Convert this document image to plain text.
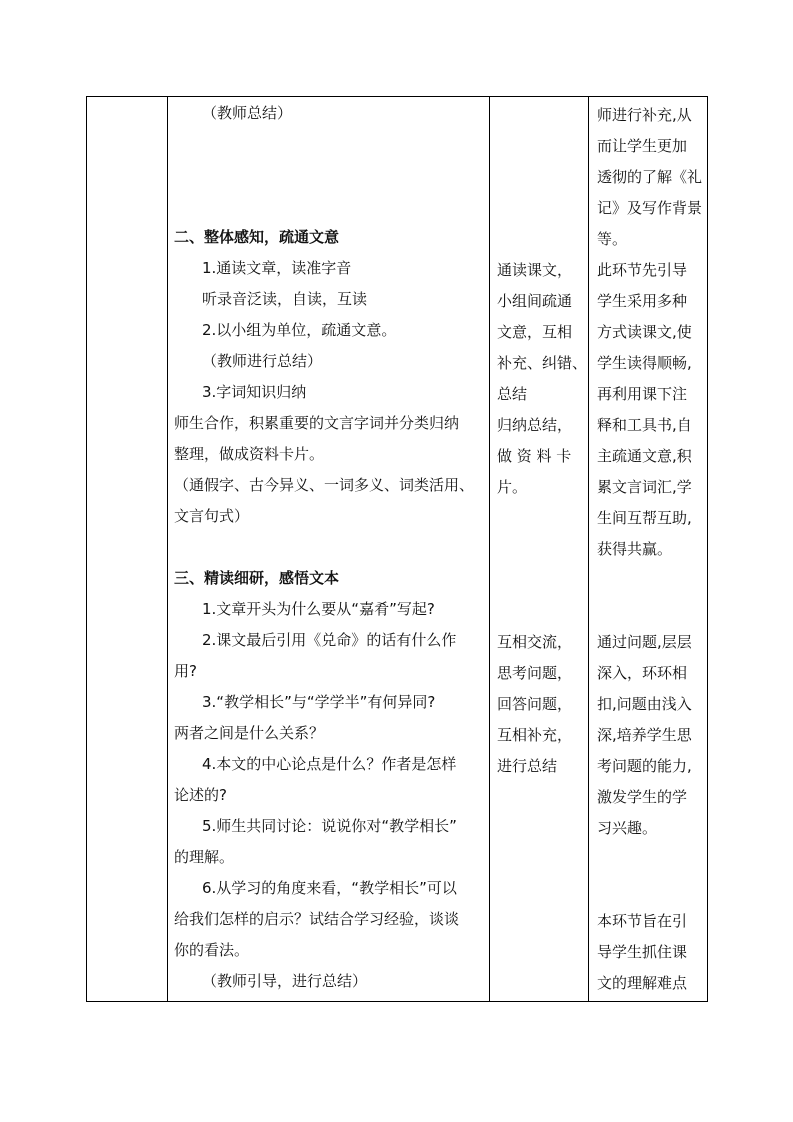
（教师总结）
二、整体感知，疏通文意
1.通读文章，读准字音
听录音泛读，自读，互读
2.以小组为单位，疏通文意。
（教师进行总结）
3.字词知识归纳
师生合作，积累重要的文言字词并分类归纳
整理，做成资料卡片。
（通假字、古今异义、一词多义、词类活用、
文言句式）
三、精读细研，感悟文本
1.文章开头为什么要从“嘉肴”写起?
2.课文最后引用《兑命》的话有什么作
用?
3.“教学相长”与“学学半”有何异同?
两者之间是什么关系？
4.本文的中心论点是什么？作者是怎样
论述的?
5.师生共同讨论：说说你对“教学相长”
的理解。
6.从学习的角度来看，“教学相长”可以
给我们怎样的启示？试结合学习经验，谈谈
你的看法。
（教师引导，进行总结）
通读课文，
小组间疏通
文意，互相
补充、纠错、
总结
归纳总结，
做 资 料 卡
片。
互相交流，
思考问题，
回答问题，
互相补充，
进行总结
师进行补充,从
而让学生更加
透彻的了解《礼
记》及写作背景
等。
此环节先引导
学生采用多种
方式读课文,使
学生读得顺畅,
再利用课下注
释和工具书,自
主疏通文意,积
累文言词汇,学
生间互帮互助,
获得共赢。
通过问题,层层
深入，环环相
扣,问题由浅入
深,培养学生思
考问题的能力,
激发学生的学
习兴趣。
本环节旨在引
导学生抓住课
文的理解难点
